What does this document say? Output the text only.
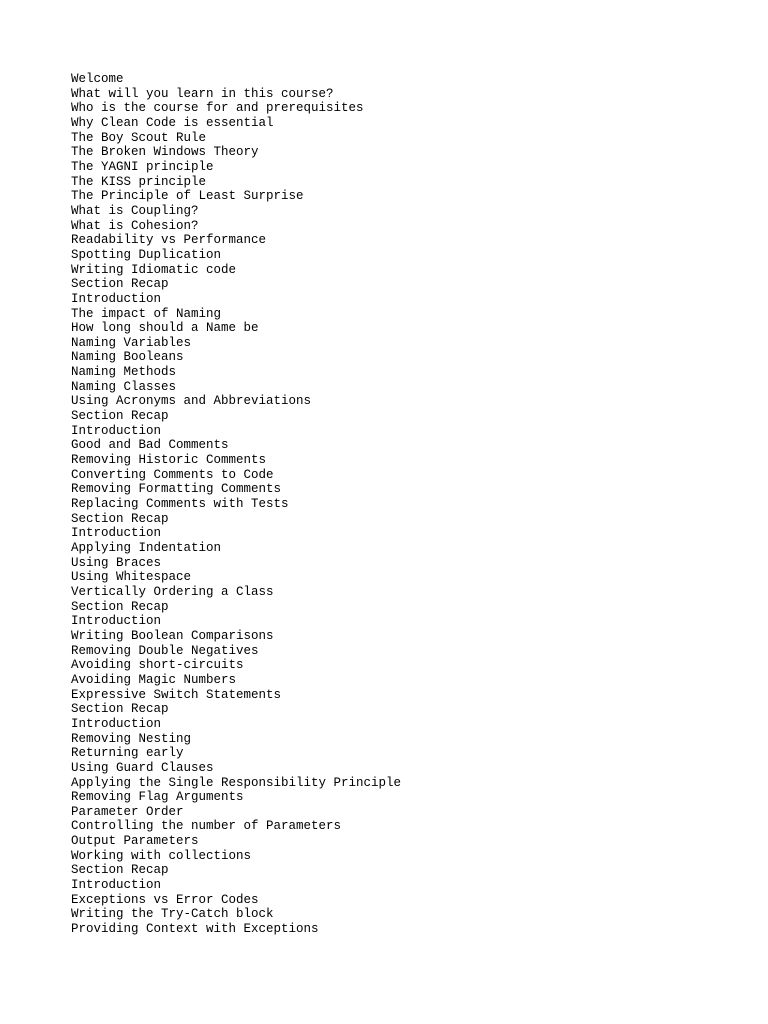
Welcome
What will you learn in this course?
Who is the course for and prerequisites
Why Clean Code is essential
The Boy Scout Rule
The Broken Windows Theory
The YAGNI principle
The KISS principle
The Principle of Least Surprise
What is Coupling?
What is Cohesion?
Readability vs Performance
Spotting Duplication
Writing Idiomatic code
Section Recap
Introduction
The impact of Naming
How long should a Name be
Naming Variables
Naming Booleans
Naming Methods
Naming Classes
Using Acronyms and Abbreviations
Section Recap
Introduction
Good and Bad Comments
Removing Historic Comments
Converting Comments to Code
Removing Formatting Comments
Replacing Comments with Tests
Section Recap
Introduction
Applying Indentation
Using Braces
Using Whitespace
Vertically Ordering a Class
Section Recap
Introduction
Writing Boolean Comparisons
Removing Double Negatives
Avoiding short-circuits
Avoiding Magic Numbers
Expressive Switch Statements
Section Recap
Introduction
Removing Nesting
Returning early
Using Guard Clauses
Applying the Single Responsibility Principle
Removing Flag Arguments
Parameter Order
Controlling the number of Parameters
Output Parameters
Working with collections
Section Recap
Introduction
Exceptions vs Error Codes
Writing the Try-Catch block
Providing Context with Exceptions
